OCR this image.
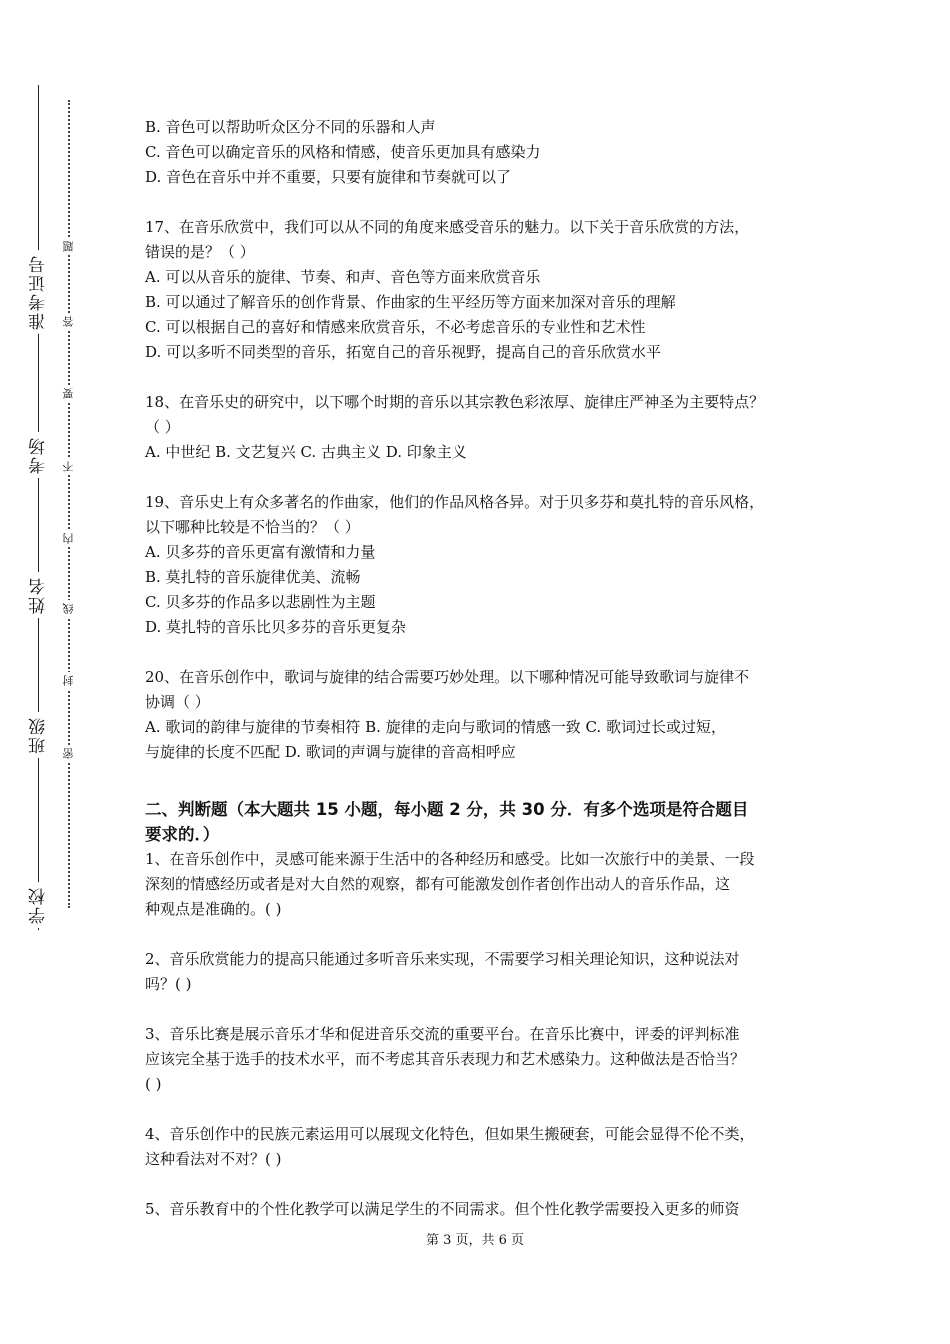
准考证号
考场
姓名
班级
学校
题
答
要
不
内
线
封
密
B. 音色可以帮助听众区分不同的乐器和人声
C. 音色可以确定音乐的风格和情感，使音乐更加具有感染力
D. 音色在音乐中并不重要，只要有旋律和节奏就可以了
17、在音乐欣赏中，我们可以从不同的角度来感受音乐的魅力。以下关于音乐欣赏的方法，
错误的是？（ ）
A. 可以从音乐的旋律、节奏、和声、音色等方面来欣赏音乐
B. 可以通过了解音乐的创作背景、作曲家的生平经历等方面来加深对音乐的理解
C. 可以根据自己的喜好和情感来欣赏音乐，不必考虑音乐的专业性和艺术性
D. 可以多听不同类型的音乐，拓宽自己的音乐视野，提高自己的音乐欣赏水平
18、在音乐史的研究中，以下哪个时期的音乐以其宗教色彩浓厚、旋律庄严神圣为主要特点？
（ ）
A. 中世纪 B. 文艺复兴 C. 古典主义 D. 印象主义
19、音乐史上有众多著名的作曲家，他们的作品风格各异。对于贝多芬和莫扎特的音乐风格，
以下哪种比较是不恰当的？（ ）
A. 贝多芬的音乐更富有激情和力量
B. 莫扎特的音乐旋律优美、流畅
C. 贝多芬的作品多以悲剧性为主题
D. 莫扎特的音乐比贝多芬的音乐更复杂
20、在音乐创作中，歌词与旋律的结合需要巧妙处理。以下哪种情况可能导致歌词与旋律不
协调（ ）
A. 歌词的韵律与旋律的节奏相符 B. 旋律的走向与歌词的情感一致 C. 歌词过长或过短，
与旋律的长度不匹配 D. 歌词的声调与旋律的音高相呼应
二、判断题（本大题共 15 小题，每小题 2 分，共 30 分．有多个选项是符合题目
要求的．）
1、在音乐创作中，灵感可能来源于生活中的各种经历和感受。比如一次旅行中的美景、一段
深刻的情感经历或者是对大自然的观察，都有可能激发创作者创作出动人的音乐作品，这
种观点是准确的。( )
2、音乐欣赏能力的提高只能通过多听音乐来实现，不需要学习相关理论知识，这种说法对
吗？( )
3、音乐比赛是展示音乐才华和促进音乐交流的重要平台。在音乐比赛中，评委的评判标准
应该完全基于选手的技术水平，而不考虑其音乐表现力和艺术感染力。这种做法是否恰当？
( )
4、音乐创作中的民族元素运用可以展现文化特色，但如果生搬硬套，可能会显得不伦不类，
这种看法对不对？( )
5、音乐教育中的个性化教学可以满足学生的不同需求。但个性化教学需要投入更多的师资
第 3 页，共 6 页
